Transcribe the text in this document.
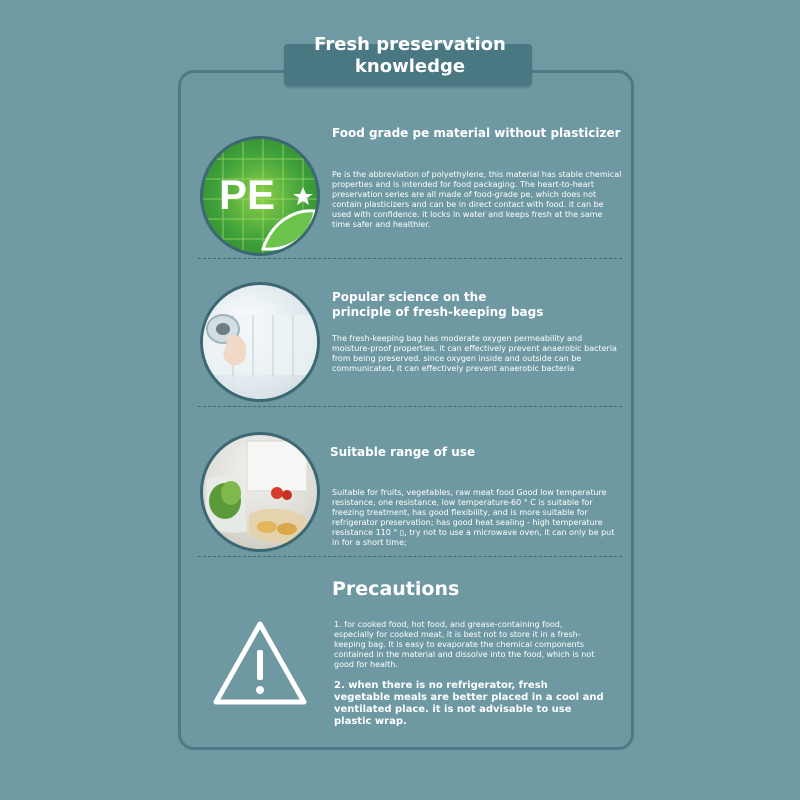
Fresh preservation
knowledge
PE
Food grade pe material without plasticizer
Pe is the abbreviation of polyethylene, this material has stable chemical properties and is intended for food packaging. The heart-to-heart preservation series are all made of food-grade pe, which does not contain plasticizers and can be in direct contact with food. it can be used with confidence. it locks in water and keeps fresh at the same time safer and healthier.
Popular science on the
principle of fresh-keeping bags
The fresh-keeping bag has moderate oxygen permeability and moisture-proof properties. it can effectively prevent anaerobic bacteria from being preserved. since oxygen inside and outside can be communicated, it can effectively prevent anaerobic bacteria
Suitable range of use
Suitable for fruits, vegetables, raw meat food Good low temperature resistance, one resistance, low temperature-60 ° C is suitable for freezing treatment, has good flexibility, and is more suitable for refrigerator preservation; has good heat sealing - high temperature resistance 110 ° ▯, try not to use a microwave oven, it can only be put in for a short time;
Precautions
1. for cooked food, hot food, and grease-containing food, especially for cooked meat, it is best not to store it in a fresh-keeping bag. It is easy to evaporate the chemical components contained in the material and dissolve into the food, which is not good for health.
2. when there is no refrigerator, fresh vegetable meals are better placed in a cool and ventilated place. it is not advisable to use plastic wrap.
